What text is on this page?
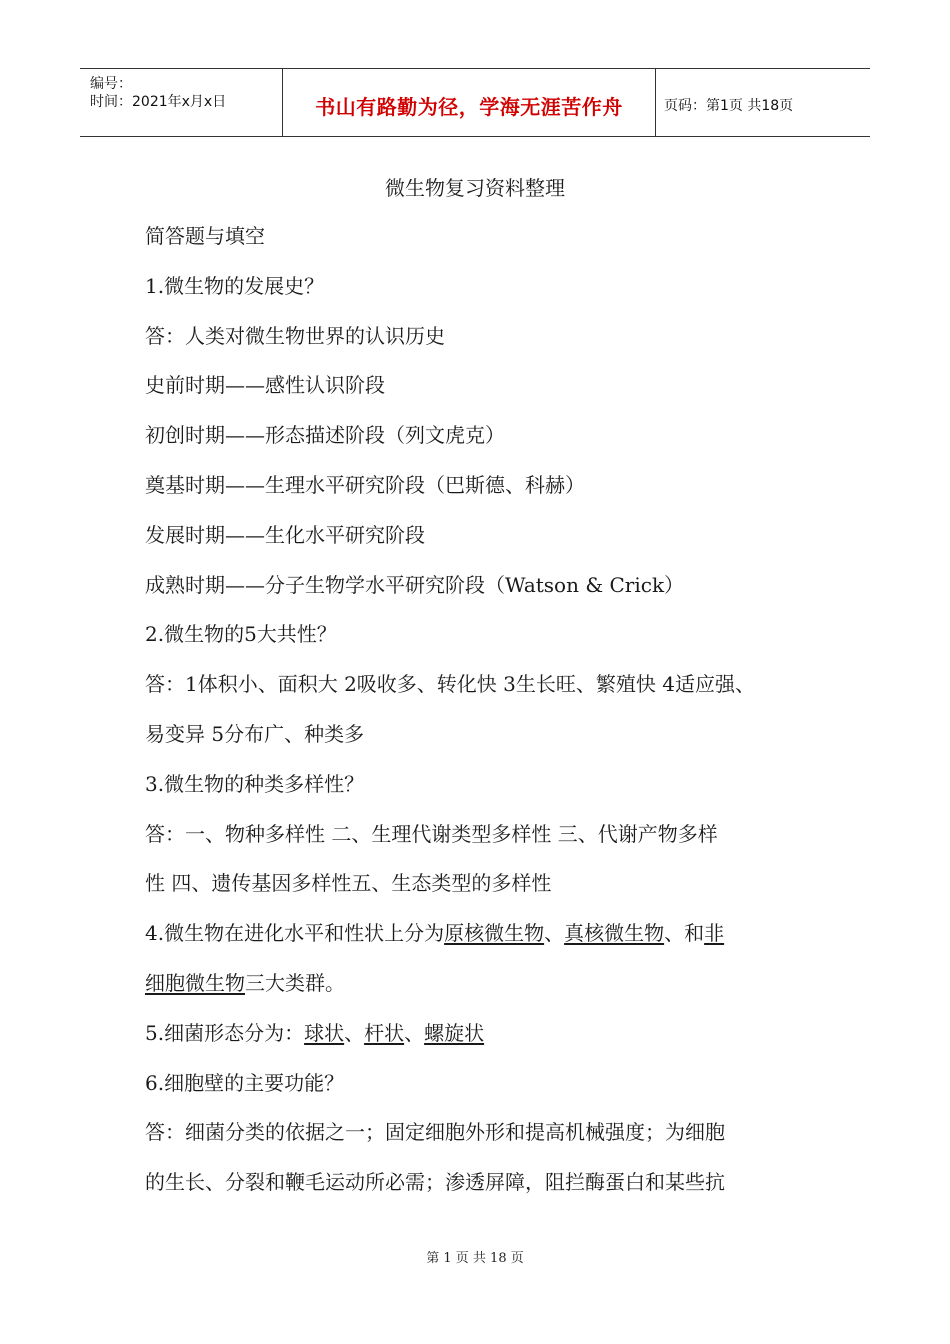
编号：
时间：2021年x月x日	书山有路勤为径，学海无涯苦作舟	页码：第1页 共18页
微生物复习资料整理

简答题与填空

1.微生物的发展史？

答：人类对微生物世界的认识历史

史前时期——感性认识阶段

初创时期——形态描述阶段（列文虎克）

奠基时期——生理水平研究阶段（巴斯德、科赫）

发展时期——生化水平研究阶段

成熟时期——分子生物学水平研究阶段（Watson & Crick）

2.微生物的5大共性？

答：1体积小、面积大 2吸收多、转化快 3生长旺、繁殖快 4适应强、

易变异 5分布广、种类多

3.微生物的种类多样性？

答：一、物种多样性 二、生理代谢类型多样性 三、代谢产物多样

性 四、遗传基因多样性五、生态类型的多样性

4.微生物在进化水平和性状上分为原核微生物、真核微生物、和非

细胞微生物三大类群。

5.细菌形态分为：球状、杆状、螺旋状

6.细胞壁的主要功能？

答：细菌分类的依据之一；固定细胞外形和提高机械强度；为细胞

的生长、分裂和鞭毛运动所必需；渗透屏障，阻拦酶蛋白和某些抗

第 1 页 共 18 页
